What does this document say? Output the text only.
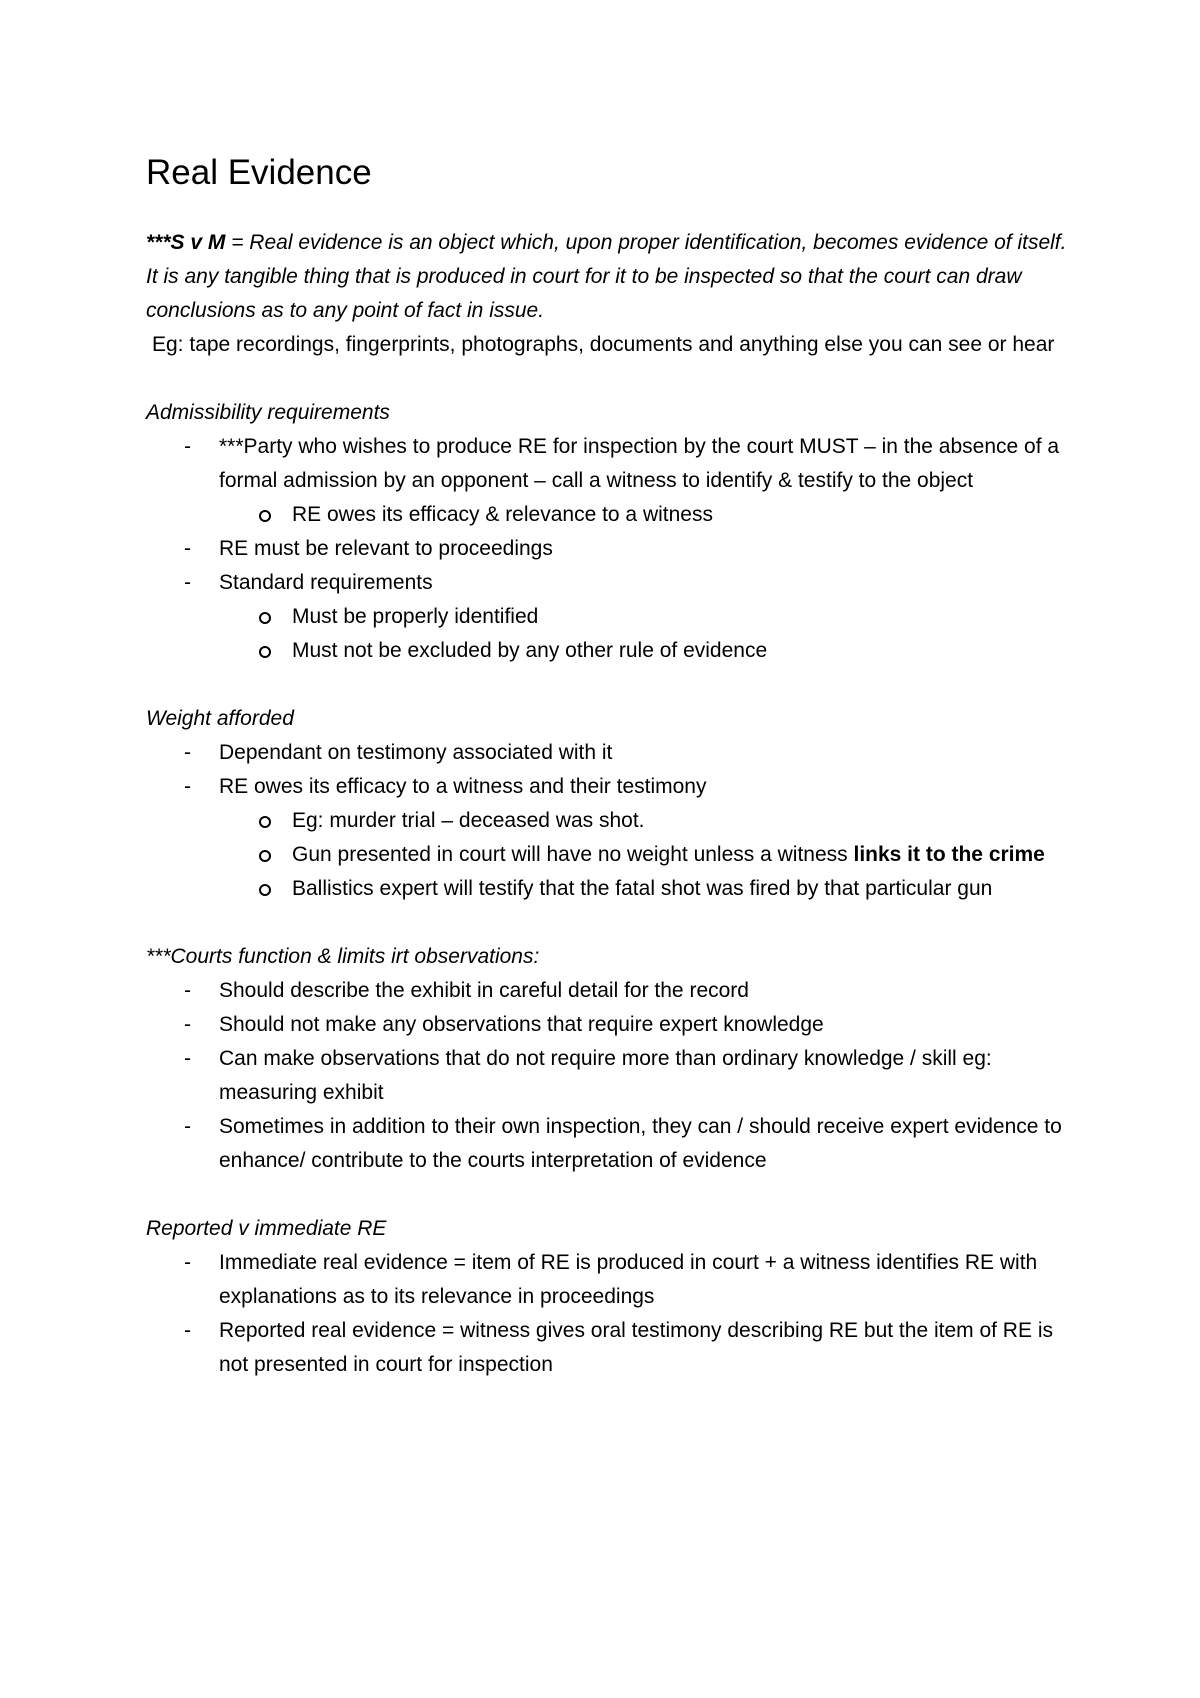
Real Evidence

***S v M = Real evidence is an object which, upon proper identification, becomes evidence of itself.

It is any tangible thing that is produced in court for it to be inspected so that the court can draw conclusions as to any point of fact in issue.

Eg: tape recordings, fingerprints, photographs, documents and anything else you can see or hear

Admissibility requirements

- ***Party who wishes to produce RE for inspection by the court MUST – in the absence of a formal admission by an opponent – call a witness to identify & testify to the object
RE owes its efficacy & relevance to a witness
- RE must be relevant to proceedings
- Standard requirements
Must be properly identified
Must not be excluded by any other rule of evidence

Weight afforded

- Dependant on testimony associated with it
- RE owes its efficacy to a witness and their testimony
Eg: murder trial – deceased was shot.
Gun presented in court will have no weight unless a witness links it to the crime
Ballistics expert will testify that the fatal shot was fired by that particular gun

***Courts function & limits irt observations:

- Should describe the exhibit in careful detail for the record
- Should not make any observations that require expert knowledge
- Can make observations that do not require more than ordinary knowledge / skill eg: measuring exhibit
- Sometimes in addition to their own inspection, they can / should receive expert evidence to enhance/ contribute to the courts interpretation of evidence

Reported v immediate RE

- Immediate real evidence = item of RE is produced in court + a witness identifies RE with explanations as to its relevance in proceedings
- Reported real evidence = witness gives oral testimony describing RE but the item of RE is not presented in court for inspection
